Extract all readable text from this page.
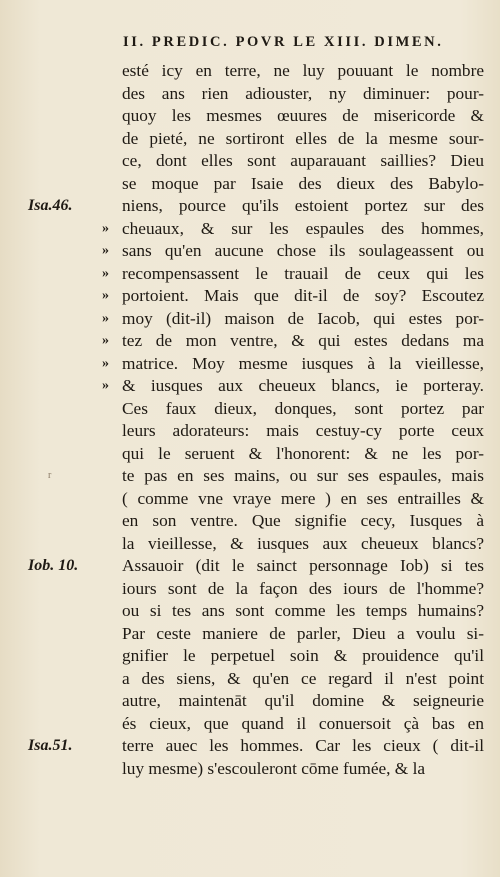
II. PREDIC. POVR LE XIII. DIMEN.
esté icy en terre, ne luy pouuant le nombre
des ans rien adiouster, ny diminuer: pour-
quoy les mesmes œuures de misericorde &
de pieté, ne sortiront elles de la mesme sour-
ce, dont elles sont auparauant saillies? Dieu
se moque par Isaie des dieux des Babylo-
niens, pource qu'ils estoient portez sur des
cheuaux, & sur les espaules des hommes,
sans qu'en aucune chose ils soulageassent ou
recompensassent le trauail de ceux qui les
portoient. Mais que dit-il de soy? Escoutez
moy (dit-il) maison de Iacob, qui estes por-
tez de mon ventre, & qui estes dedans ma
matrice. Moy mesme iusques à la vieillesse,
& iusques aux cheueux blancs, ie porteray.
Ces faux dieux, donques, sont portez par
leurs adorateurs: mais cestuy-cy porte ceux
qui le seruent & l'honorent: & ne les por-
te pas en ses mains, ou sur ses espaules, mais
( comme vne vraye mere ) en ses entrailles &
en son ventre. Que signifie cecy, Iusques à
la vieillesse, & iusques aux cheueux blancs?
Assauoir (dit le sainct personnage Iob) si tes
iours sont de la façon des iours de l'homme?
ou si tes ans sont comme les temps humains?
Par ceste maniere de parler, Dieu a voulu si-
gnifier le perpetuel soin & prouidence qu'il
a des siens, & qu'en ce regard il n'est point
autre, maintenāt qu'il domine & seigneurie
és cieux, que quand il conuersoit çà bas en
terre auec les hommes. Car les cieux ( dit-il
luy mesme) s'escouleront cōme fumée, & la
Isa.46.
Iob. 10.
Isa.51.
»
»
»
»
»
»
»
»
r
